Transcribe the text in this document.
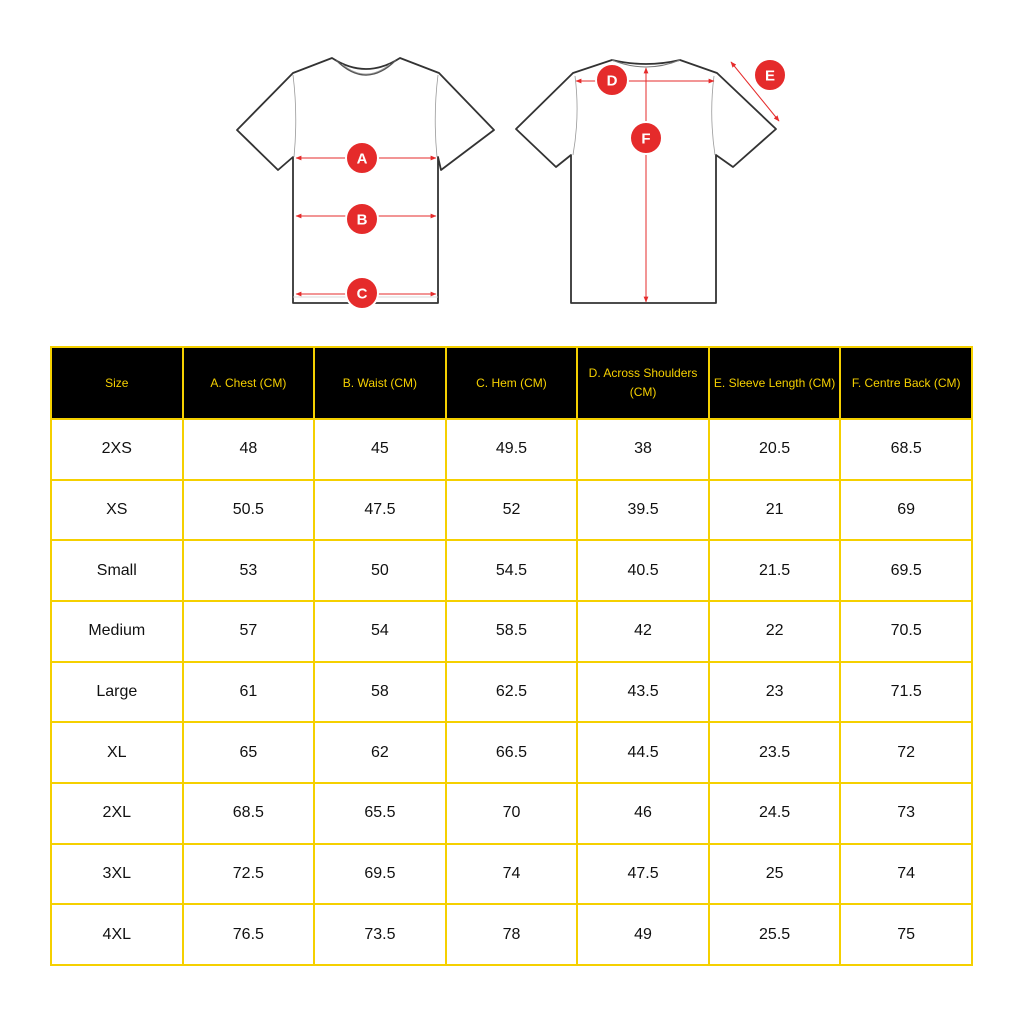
A
B
C
D	E
F
Size	A. Chest (CM)	B. Waist (CM)	C. Hem (CM)	D. Across Shoulders (CM)	E. Sleeve Length (CM)	F. Centre Back (CM)
2XS	48	45	49.5	38	20.5	68.5
XS	50.5	47.5	52	39.5	21	69
Small	53	50	54.5	40.5	21.5	69.5
Medium	57	54	58.5	42	22	70.5
Large	61	58	62.5	43.5	23	71.5
XL	65	62	66.5	44.5	23.5	72
2XL	68.5	65.5	70	46	24.5	73
3XL	72.5	69.5	74	47.5	25	74
4XL	76.5	73.5	78	49	25.5	75
